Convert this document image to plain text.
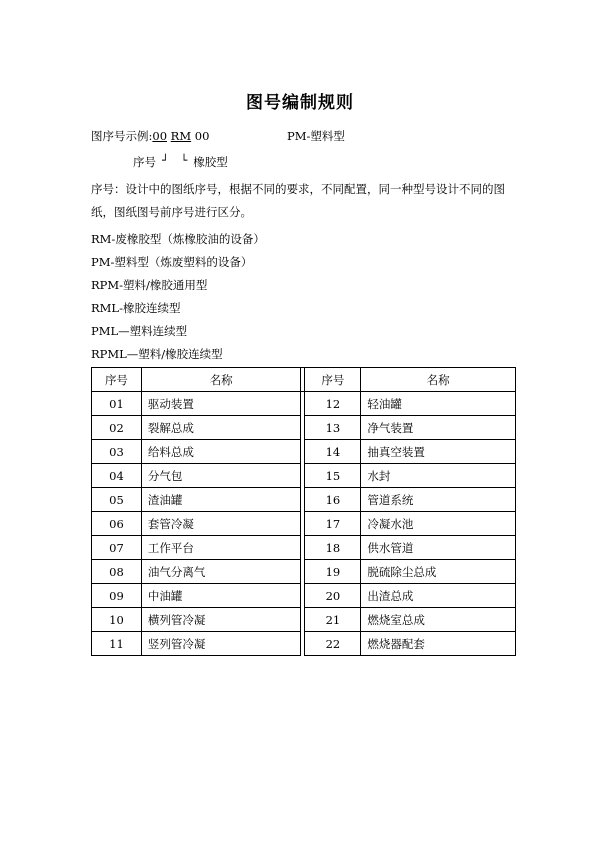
图号编制规则
图序号示例:00 RM 00	PM-塑料型
序号 ┘ └ 橡胶型
序号：设计中的图纸序号，根据不同的要求，不同配置，同一种型号设计不同的图纸，图纸图号前序号进行区分。
RM-废橡胶型（炼橡胶油的设备）
PM-塑料型（炼废塑料的设备）
RPM-塑料/橡胶通用型
RML-橡胶连续型
PML—塑料连续型
RPML—塑料/橡胶连续型
序号	名称		序号	名称
01	驱动装置		12	轻油罐
02	裂解总成		13	净气装置
03	给料总成		14	抽真空装置
04	分气包		15	水封
05	渣油罐		16	管道系统
06	套管冷凝		17	冷凝水池
07	工作平台		18	供水管道
08	油气分离气		19	脱硫除尘总成
09	中油罐		20	出渣总成
10	横列管冷凝		21	燃烧室总成
11	竖列管冷凝		22	燃烧器配套
